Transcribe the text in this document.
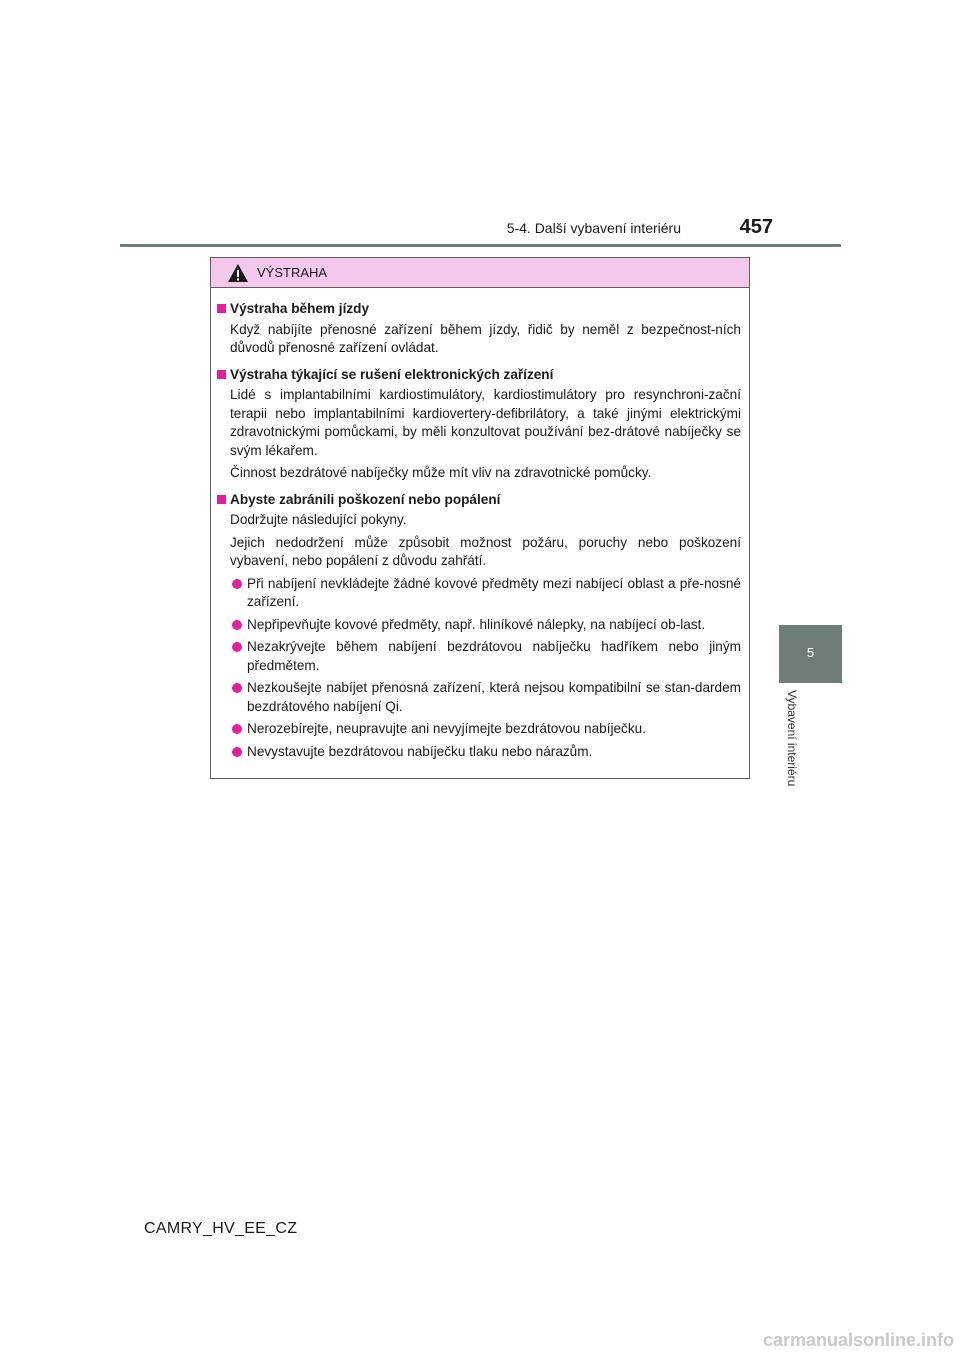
5-4. Další vybavení interiéru	457
5
Vybavení interiéru
VÝSTRAHA
Výstraha během jízdy

Když nabíjíte přenosné zařízení během jízdy, řidič by neměl z bezpečnost-ních důvodů přenosné zařízení ovládat.

Výstraha týkající se rušení elektronických zařízení

Lidé s implantabilními kardiostimulátory, kardiostimulátory pro resynchroni-zační terapii nebo implantabilními kardiovertery-defibrilátory, a také jinými elektrickými zdravotnickými pomůckami, by měli konzultovat používání bez-drátové nabíječky se svým lékařem.

Činnost bezdrátové nabíječky může mít vliv na zdravotnické pomůcky.

Abyste zabránili poškození nebo popálení

Dodržujte následující pokyny.

Jejich nedodržení může způsobit možnost požáru, poruchy nebo poškození vybavení, nebo popálení z důvodu zahřátí.

Při nabíjení nevkládejte žádné kovové předměty mezi nabíjecí oblast a pře-nosné zařízení.
Nepřipevňujte kovové předměty, např. hliníkové nálepky, na nabíjecí ob-last.
Nezakrývejte během nabíjení bezdrátovou nabíječku hadříkem nebo jiným předmětem.
Nezkoušejte nabíjet přenosná zařízení, která nejsou kompatibilní se stan-dardem bezdrátového nabíjení Qi.
Nerozebírejte, neupravujte ani nevyjímejte bezdrátovou nabíječku.
Nevystavujte bezdrátovou nabíječku tlaku nebo nárazům.
CAMRY_HV_EE_CZ
carmanualsonline.info
